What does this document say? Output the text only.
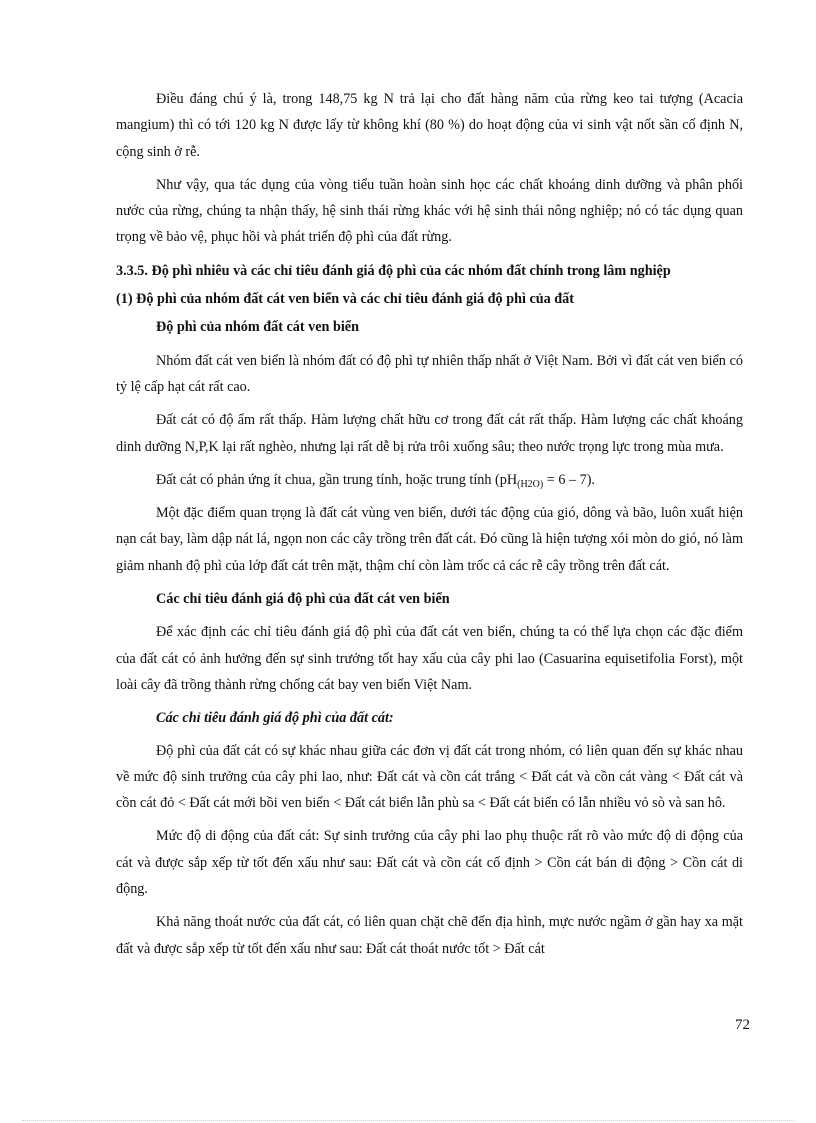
Điều đáng chú ý là, trong 148,75 kg N trả lại cho đất hàng năm của rừng keo tai tượng (Acacia mangium) thì có tới 120 kg N được lấy từ không khí (80 %) do hoạt động của vi sinh vật nốt sần cố định N, cộng sinh ở rễ.

Như vậy, qua tác dụng của vòng tiểu tuần hoàn sinh học các chất khoáng dinh dưỡng và phân phối nước của rừng, chúng ta nhận thấy, hệ sinh thái rừng khác với hệ sinh thái nông nghiệp; nó có tác dụng quan trọng về bảo vệ, phục hồi và phát triển độ phì của đất rừng.

3.3.5. Độ phì nhiêu và các chỉ tiêu đánh giá độ phì của các nhóm đất chính trong lâm nghiệp

(1) Độ phì của nhóm đất cát ven biển và các chỉ tiêu đánh giá độ phì của đất

Độ phì của nhóm đất cát ven biển

Nhóm đất cát ven biển là nhóm đất có độ phì tự nhiên thấp nhất ở Việt Nam. Bởi vì đất cát ven biển có tỷ lệ cấp hạt cát rất cao.

Đất cát có độ ẩm rất thấp. Hàm lượng chất hữu cơ trong đất cát rất thấp. Hàm lượng các chất khoáng dinh dưỡng N,P,K lại rất nghèo, nhưng lại rất dễ bị rửa trôi xuống sâu; theo nước trọng lực trong mùa mưa.

Đất cát có phản ứng ít chua, gần trung tính, hoặc trung tính $(pH_{(H2O)} = 6 - 7)$.

Một đặc điểm quan trọng là đất cát vùng ven biển, dưới tác động của gió, dông và bão, luôn xuất hiện nạn cát bay, làm dập nát lá, ngọn non các cây trồng trên đất cát. Đó cũng là hiện tượng xói mòn do gió, nó làm giảm nhanh độ phì của lớp đất cát trên mặt, thậm chí còn làm trốc cả các rễ cây trồng trên đất cát.

Các chỉ tiêu đánh giá độ phì của đất cát ven biển

Để xác định các chỉ tiêu đánh giá độ phì của đất cát ven biển, chúng ta có thể lựa chọn các đặc điểm của đất cát có ảnh hưởng đến sự sinh trưởng tốt hay xấu của cây phi lao (Casuarina equisetifolia Forst), một loài cây đã trồng thành rừng chống cát bay ven biển Việt Nam.

Các chỉ tiêu đánh giá độ phì của đất cát:

Độ phì của đất cát có sự khác nhau giữa các đơn vị đất cát trong nhóm, có liên quan đến sự khác nhau về mức độ sinh trưởng của cây phi lao, như: Đất cát và cồn cát trắng < Đất cát và cồn cát vàng < Đất cát và cồn cát đỏ < Đất cát mới bồi ven biển < Đất cát biển lẫn phù sa < Đất cát biển có lẫn nhiều vỏ sò và san hô.

Mức độ di động của đất cát: Sự sinh trưởng của cây phi lao phụ thuộc rất rõ vào mức độ di động của cát và được sắp xếp từ tốt đến xấu như sau: Đất cát và cồn cát cố định > Cồn cát bán di động > Cồn cát di động.

Khả năng thoát nước của đất cát, có liên quan chặt chẽ đến địa hình, mực nước ngầm ở gần hay xa mặt đất và được sắp xếp từ tốt đến xấu như sau: Đất cát thoát nước tốt > Đất cát

72
